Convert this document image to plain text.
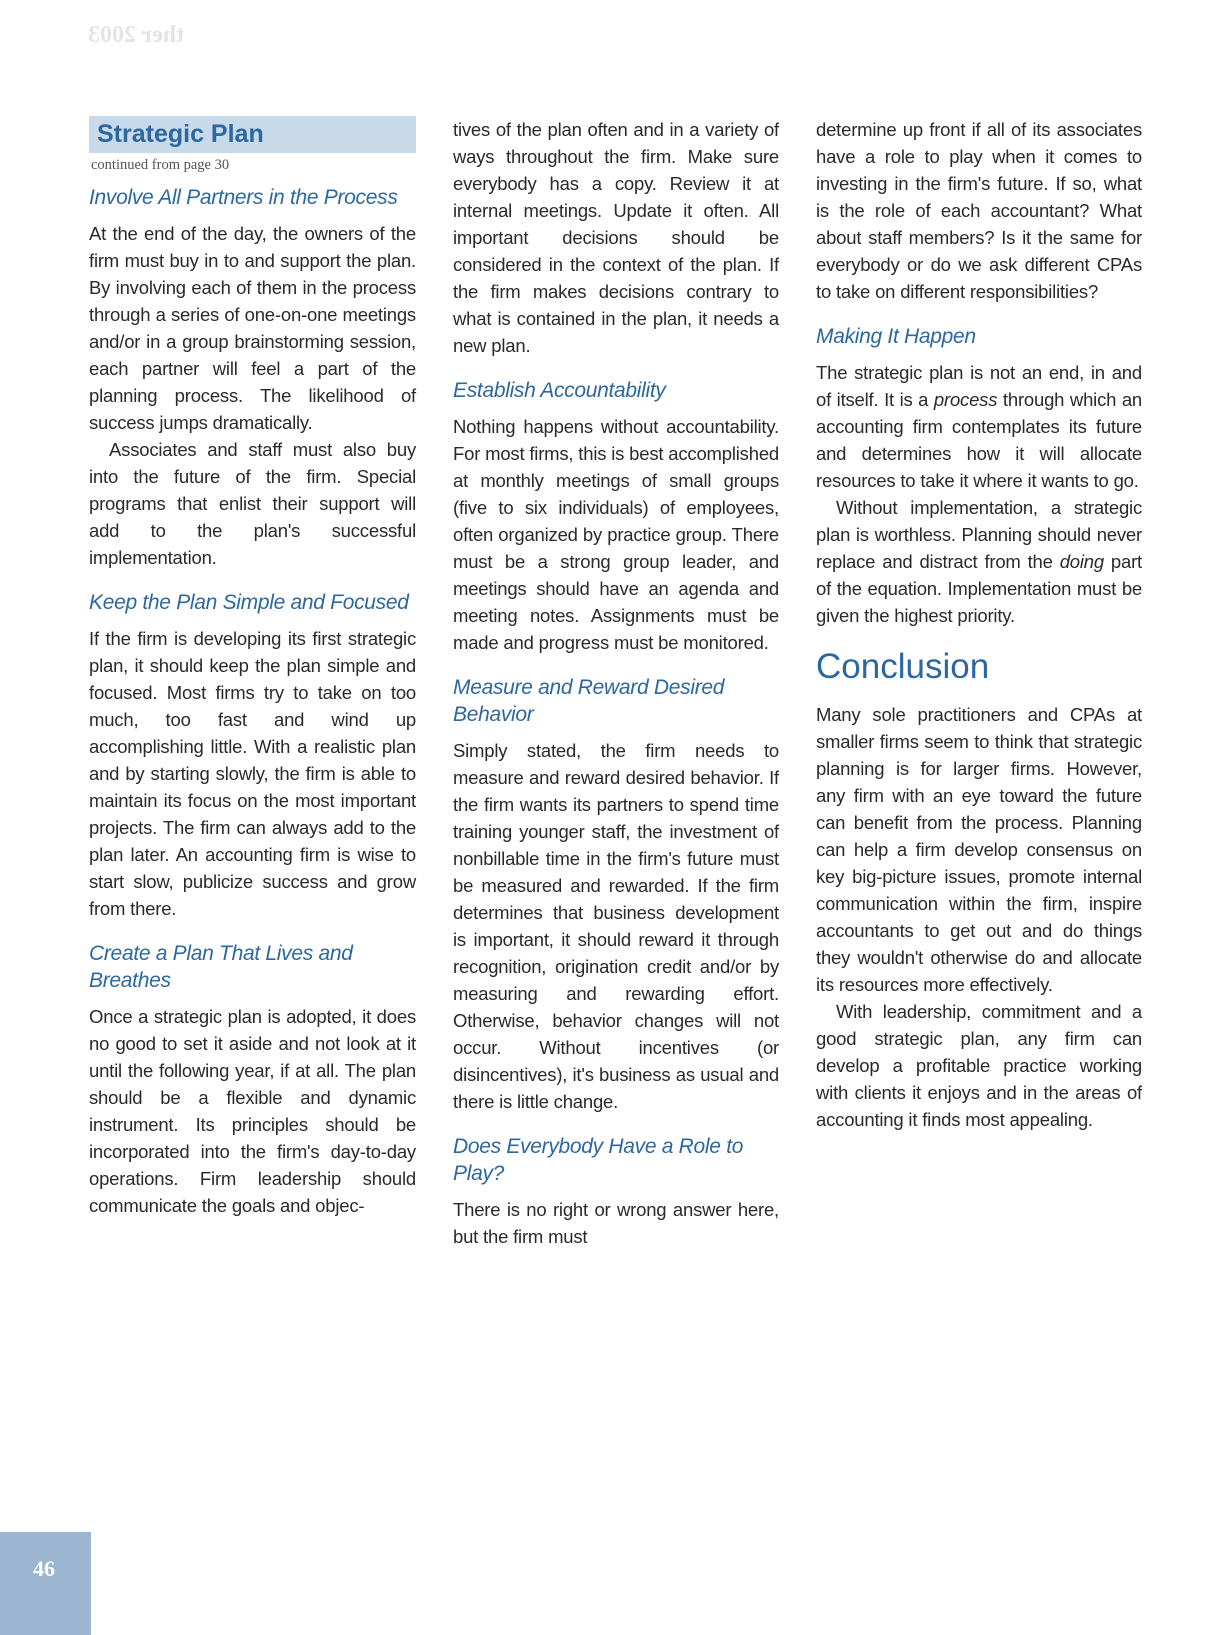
ther 2003
Strategic Plan
continued from page 30
Involve All Partners in the Process

At the end of the day, the owners of the firm must buy in to and support the plan. By involving each of them in the process through a series of one-on-one meetings and/or in a group brainstorming session, each partner will feel a part of the planning process. The likelihood of success jumps dramatically.

Associates and staff must also buy into the future of the firm. Special programs that enlist their support will add to the plan's successful implementation.

Keep the Plan Simple and Focused

If the firm is developing its first strategic plan, it should keep the plan simple and focused. Most firms try to take on too much, too fast and wind up accomplishing little. With a realistic plan and by starting slowly, the firm is able to maintain its focus on the most important projects. The firm can always add to the plan later. An accounting firm is wise to start slow, publicize success and grow from there.

Create a Plan That Lives and Breathes

Once a strategic plan is adopted, it does no good to set it aside and not look at it until the following year, if at all. The plan should be a flexible and dynamic instrument. Its principles should be incorporated into the firm's day-to-day operations. Firm leadership should communicate the goals and objec-

tives of the plan often and in a variety of ways throughout the firm. Make sure everybody has a copy. Review it at internal meetings. Update it often. All important decisions should be considered in the context of the plan. If the firm makes decisions contrary to what is contained in the plan, it needs a new plan.

Establish Accountability

Nothing happens without accountability. For most firms, this is best accomplished at monthly meetings of small groups (five to six individuals) of employees, often organized by practice group. There must be a strong group leader, and meetings should have an agenda and meeting notes. Assignments must be made and progress must be monitored.

Measure and Reward Desired Behavior

Simply stated, the firm needs to measure and reward desired behavior. If the firm wants its partners to spend time training younger staff, the investment of nonbillable time in the firm's future must be measured and rewarded. If the firm determines that business development is important, it should reward it through recognition, origination credit and/or by measuring and rewarding effort. Otherwise, behavior changes will not occur. Without incentives (or disincentives), it's business as usual and there is little change.

Does Everybody Have a Role to Play?

There is no right or wrong answer here, but the firm must

determine up front if all of its associates have a role to play when it comes to investing in the firm's future. If so, what is the role of each accountant? What about staff members? Is it the same for everybody or do we ask different CPAs to take on different responsibilities?

Making It Happen

The strategic plan is not an end, in and of itself. It is a process through which an accounting firm contemplates its future and determines how it will allocate resources to take it where it wants to go.

Without implementation, a strategic plan is worthless. Planning should never replace and distract from the doing part of the equation. Implementation must be given the highest priority.

Conclusion

Many sole practitioners and CPAs at smaller firms seem to think that strategic planning is for larger firms. However, any firm with an eye toward the future can benefit from the process. Planning can help a firm develop consensus on key big-picture issues, promote internal communication within the firm, inspire accountants to get out and do things they wouldn't otherwise do and allocate its resources more effectively.

With leadership, commitment and a good strategic plan, any firm can develop a profitable practice working with clients it enjoys and in the areas of accounting it finds most appealing.

46
